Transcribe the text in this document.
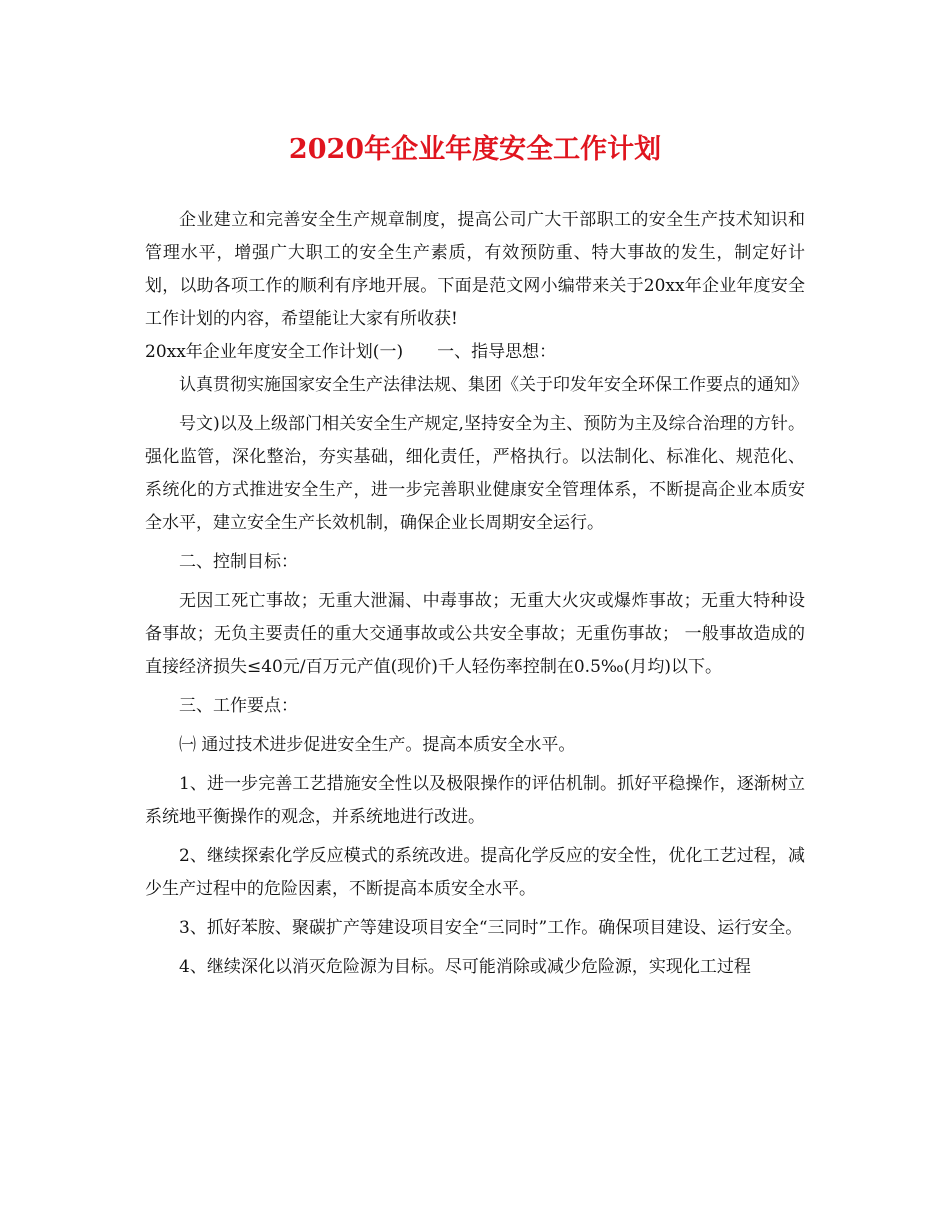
2020年企业年度安全工作计划

企业建立和完善安全生产规章制度，提高公司广大干部职工的安全生产技术知识和管理水平，增强广大职工的安全生产素质，有效预防重、特大事故的发生，制定好计划，以助各项工作的顺利有序地开展。下面是范文网小编带来关于20xx年企业年度安全工作计划的内容，希望能让大家有所收获!

20xx年企业年度安全工作计划(一) 一、指导思想：

认真贯彻实施国家安全生产法律法规、集团《关于印发年安全环保工作要点的通知》

号文)以及上级部门相关安全生产规定,坚持安全为主、预防为主及综合治理的方针。强化监管，深化整治，夯实基础，细化责任，严格执行。以法制化、标准化、规范化、系统化的方式推进安全生产，进一步完善职业健康安全管理体系，不断提高企业本质安全水平，建立安全生产长效机制，确保企业长周期安全运行。

二、控制目标：

无因工死亡事故；无重大泄漏、中毒事故；无重大火灾或爆炸事故；无重大特种设备事故；无负主要责任的重大交通事故或公共安全事故；无重伤事故； 一般事故造成的直接经济损失≤40元/百万元产值(现价)千人轻伤率控制在0.5‰(月均)以下。

三、工作要点：

㈠ 通过技术进步促进安全生产。提高本质安全水平。

1、进一步完善工艺措施安全性以及极限操作的评估机制。抓好平稳操作，逐渐树立系统地平衡操作的观念，并系统地进行改进。

2、继续探索化学反应模式的系统改进。提高化学反应的安全性，优化工艺过程，减少生产过程中的危险因素，不断提高本质安全水平。

3、抓好苯胺、聚碳扩产等建设项目安全“三同时”工作。确保项目建设、运行安全。

4、继续深化以消灭危险源为目标。尽可能消除或减少危险源，实现化工过程
